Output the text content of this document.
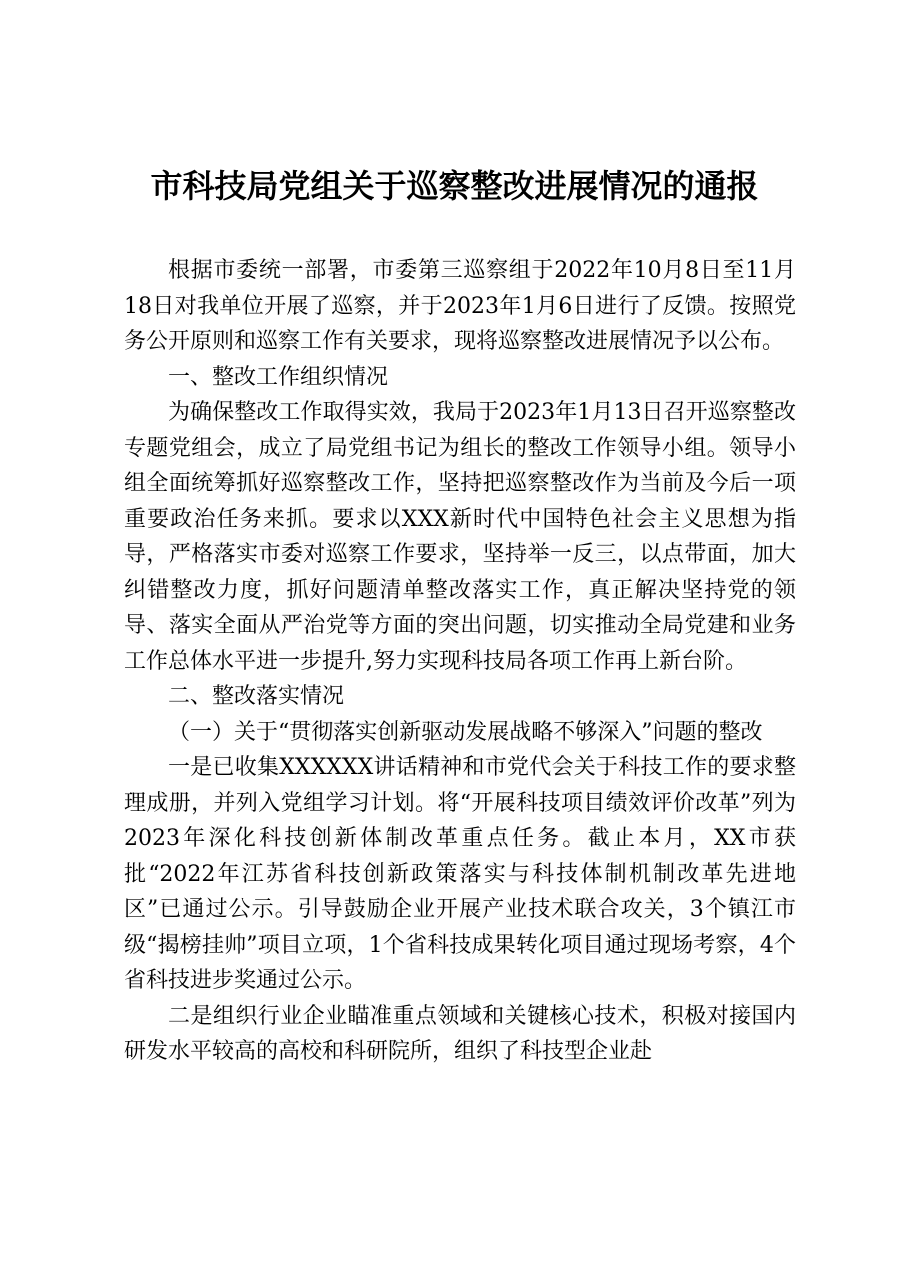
市科技局党组关于巡察整改进展情况的通报

根据市委统一部署，市委第三巡察组于2022年10月8日至11月18日对我单位开展了巡察，并于2023年1月6日进行了反馈。按照党务公开原则和巡察工作有关要求，现将巡察整改进展情况予以公布。

一、整改工作组织情况

为确保整改工作取得实效，我局于2023年1月13日召开巡察整改专题党组会，成立了局党组书记为组长的整改工作领导小组。领导小组全面统筹抓好巡察整改工作，坚持把巡察整改作为当前及今后一项重要政治任务来抓。要求以XXX新时代中国特色社会主义思想为指导，严格落实市委对巡察工作要求，坚持举一反三，以点带面，加大纠错整改力度，抓好问题清单整改落实工作，真正解决坚持党的领导、落实全面从严治党等方面的突出问题，切实推动全局党建和业务工作总体水平进一步提升,努力实现科技局各项工作再上新台阶。

二、整改落实情况

（一）关于“贯彻落实创新驱动发展战略不够深入”问题的整改

一是已收集XXXXXX讲话精神和市党代会关于科技工作的要求整理成册，并列入党组学习计划。将“开展科技项目绩效评价改革”列为2023年深化科技创新体制改革重点任务。截止本月，XX市获批“2022年江苏省科技创新政策落实与科技体制机制改革先进地区”已通过公示。引导鼓励企业开展产业技术联合攻关，3个镇江市级“揭榜挂帅”项目立项，1个省科技成果转化项目通过现场考察，4个省科技进步奖通过公示。

二是组织行业企业瞄准重点领域和关键核心技术，积极对接国内研发水平较高的高校和科研院所，组织了科技型企业赴
